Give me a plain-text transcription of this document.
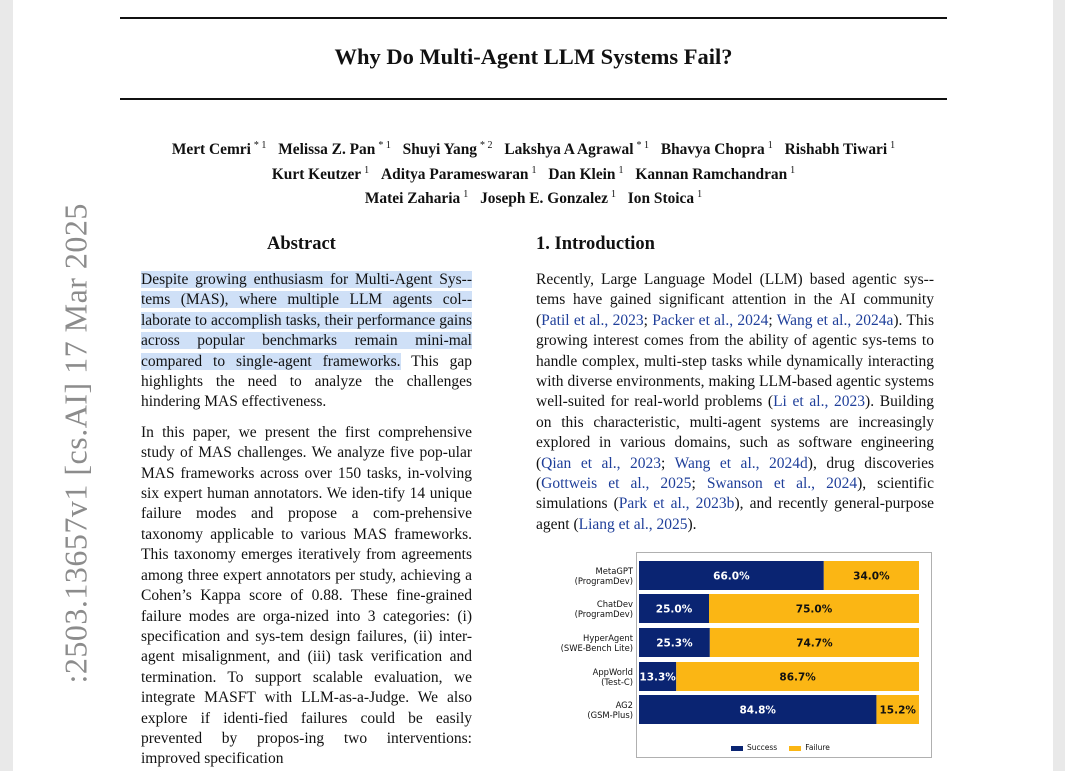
:2503.13657v1 [cs.AI] 17 Mar 2025
Why Do Multi-Agent LLM Systems Fail?
Mert Cemri $^{* 1}$ Melissa Z. Pan $^{* 1}$ Shuyi Yang $^{* 2}$ Lakshya A Agrawal $^{* 1}$ Bhavya Chopra $^1$ Rishabh Tiwari $^1$
Kurt Keutzer $^1$ Aditya Parameswaran $^1$ Dan Klein $^1$ Kannan Ramchandran $^1$
Matei Zaharia $^1$ Joseph E. Gonzalez $^1$ Ion Stoica $^1$
Abstract

Despite growing enthusiasm for Multi-Agent Sys-tems (MAS), where multiple LLM agents col-laborate to accomplish tasks, their performance gains across popular benchmarks remain mini-mal compared to single-agent frameworks. This gap highlights the need to analyze the challenges hindering MAS effectiveness.

In this paper, we present the first comprehensive study of MAS challenges. We analyze five pop-ular MAS frameworks across over 150 tasks, in-volving six expert human annotators. We iden-tify 14 unique failure modes and propose a com-prehensive taxonomy applicable to various MAS frameworks. This taxonomy emerges iteratively from agreements among three expert annotators per study, achieving a Cohen’s Kappa score of 0.88. These fine-grained failure modes are orga-nized into 3 categories: (i) specification and sys-tem design failures, (ii) inter-agent misalignment, and (iii) task verification and termination. To support scalable evaluation, we integrate MASFT with LLM-as-a-Judge. We also explore if identi-fied failures could be easily prevented by propos-ing two interventions: improved specification

1. Introduction

Recently, Large Language Model (LLM) based agentic sys-tems have gained significant attention in the AI community (Patil et al., 2023; Packer et al., 2024; Wang et al., 2024a). This growing interest comes from the ability of agentic sys-tems to handle complex, multi-step tasks while dynamically interacting with diverse environments, making LLM-based agentic systems well-suited for real-world problems (Li et al., 2023). Building on this characteristic, multi-agent systems are increasingly explored in various domains, such as software engineering (Qian et al., 2023; Wang et al., 2024d), drug discoveries (Gottweis et al., 2025; Swanson et al., 2024), scientific simulations (Park et al., 2023b), and recently general-purpose agent (Liang et al., 2025).

MetaGPT
(ProgramDev)
ChatDev
(ProgramDev)
HyperAgent
(SWE-Bench Lite)
AppWorld
(Test-C)
AG2
(GSM-Plus)
66.0%	34.0%
25.0%	75.0%
25.3%	74.7%
13.3%	86.7%
84.8%	15.2%
Success	Failure
